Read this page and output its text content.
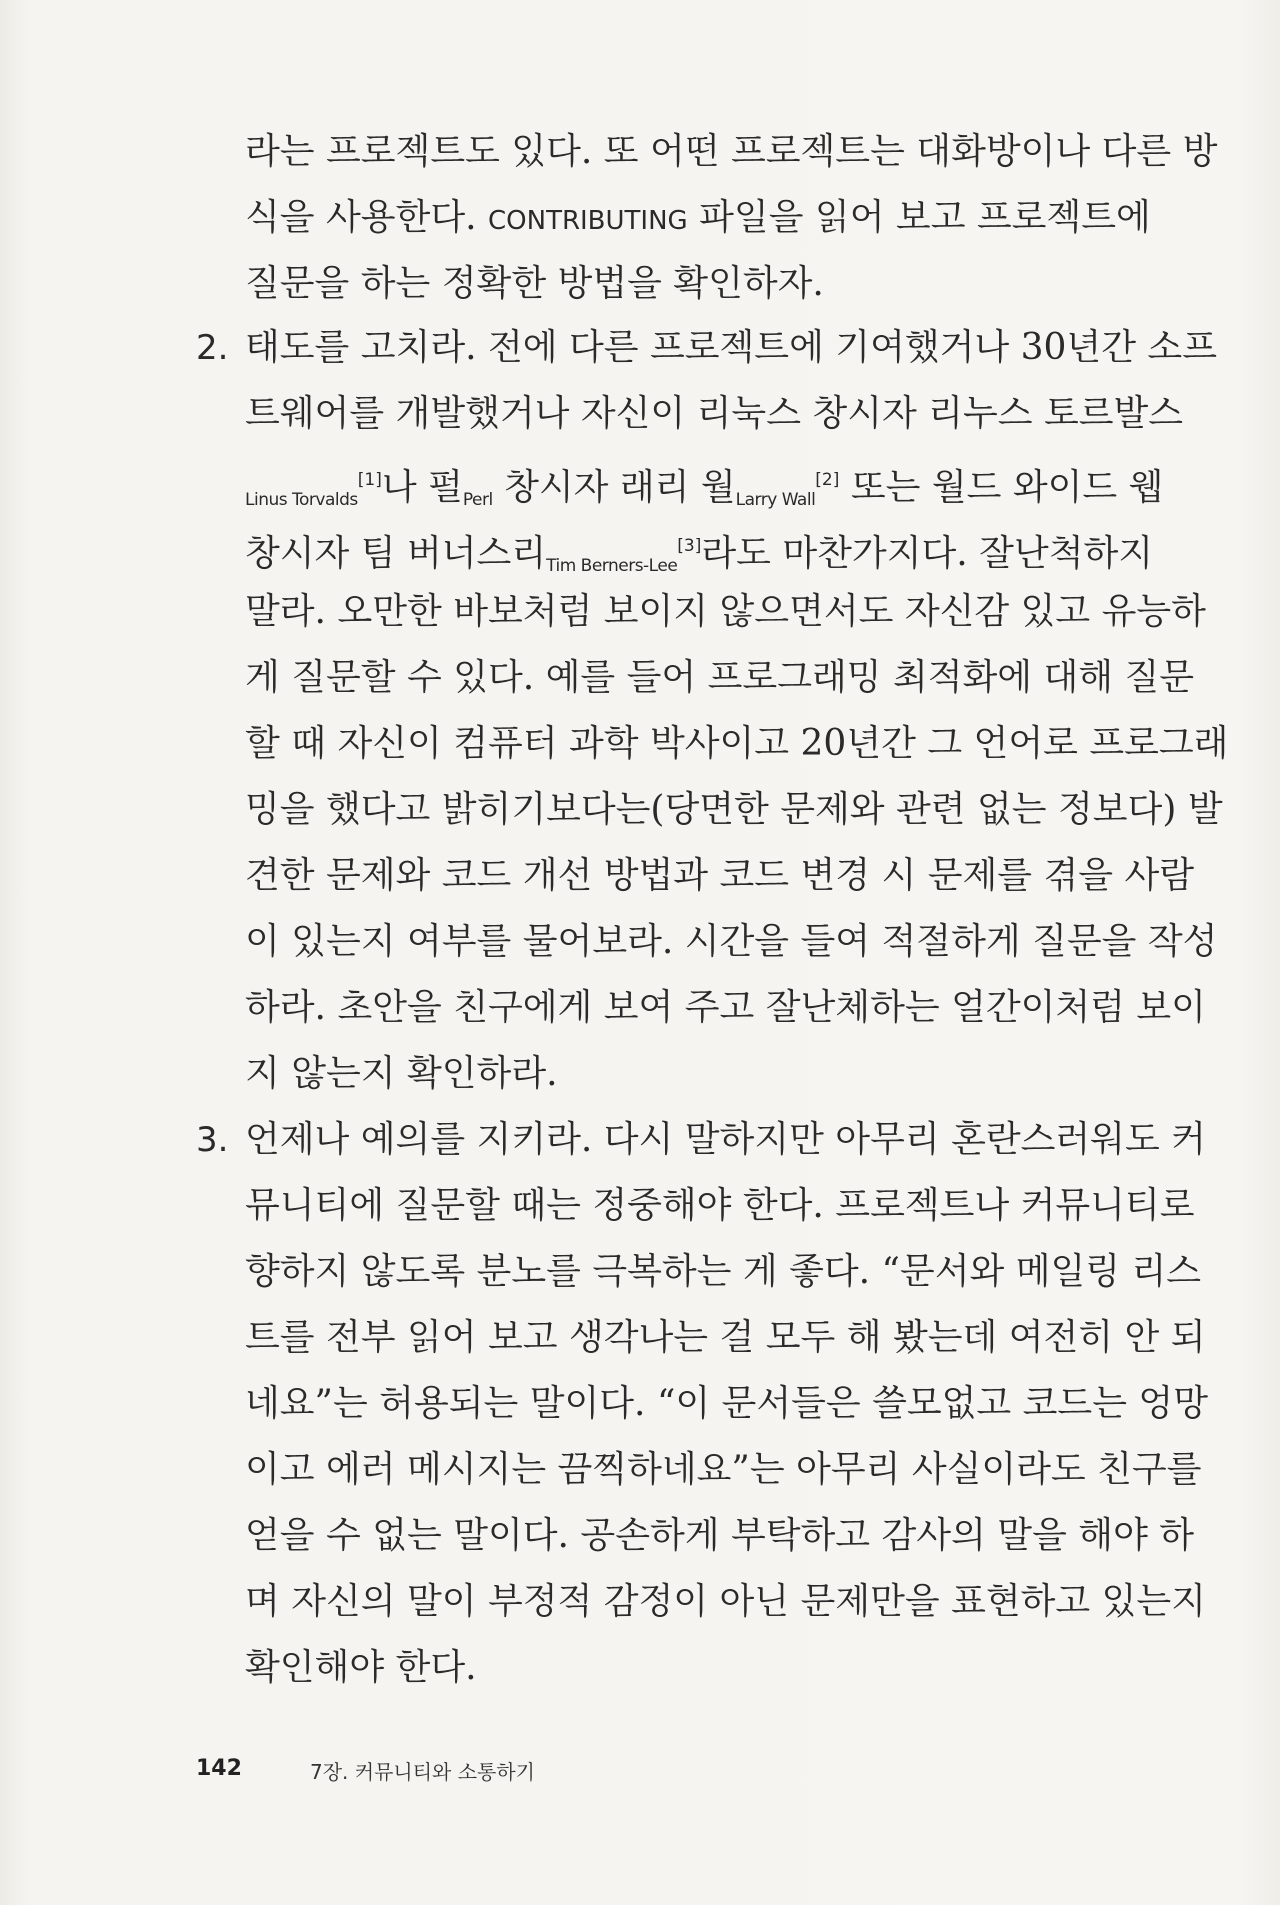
라는 프로젝트도 있다. 또 어떤 프로젝트는 대화방이나 다른 방
식을 사용한다. CONTRIBUTING 파일을 읽어 보고 프로젝트에
질문을 하는 정확한 방법을 확인하자.
2. 태도를 고치라. 전에 다른 프로젝트에 기여했거나 30년간 소프
트웨어를 개발했거나 자신이 리눅스 창시자 리누스 토르발스
$_{Linus Torvalds}$[1]나 펄$_{Perl}$ 창시자 래리 월$_{Larry Wall}$[2] 또는 월드 와이드 웹
창시자 팀 버너스리$_{Tim Berners-Lee}$[3]라도 마찬가지다. 잘난척하지
말라. 오만한 바보처럼 보이지 않으면서도 자신감 있고 유능하
게 질문할 수 있다. 예를 들어 프로그래밍 최적화에 대해 질문
할 때 자신이 컴퓨터 과학 박사이고 20년간 그 언어로 프로그래
밍을 했다고 밝히기보다는(당면한 문제와 관련 없는 정보다) 발
견한 문제와 코드 개선 방법과 코드 변경 시 문제를 겪을 사람
이 있는지 여부를 물어보라. 시간을 들여 적절하게 질문을 작성
하라. 초안을 친구에게 보여 주고 잘난체하는 얼간이처럼 보이
지 않는지 확인하라.
3. 언제나 예의를 지키라. 다시 말하지만 아무리 혼란스러워도 커
뮤니티에 질문할 때는 정중해야 한다. 프로젝트나 커뮤니티로
향하지 않도록 분노를 극복하는 게 좋다. “문서와 메일링 리스
트를 전부 읽어 보고 생각나는 걸 모두 해 봤는데 여전히 안 되
네요”는 허용되는 말이다. “이 문서들은 쓸모없고 코드는 엉망
이고 에러 메시지는 끔찍하네요”는 아무리 사실이라도 친구를
얻을 수 없는 말이다. 공손하게 부탁하고 감사의 말을 해야 하
며 자신의 말이 부정적 감정이 아닌 문제만을 표현하고 있는지
확인해야 한다.
142	7장. 커뮤니티와 소통하기
